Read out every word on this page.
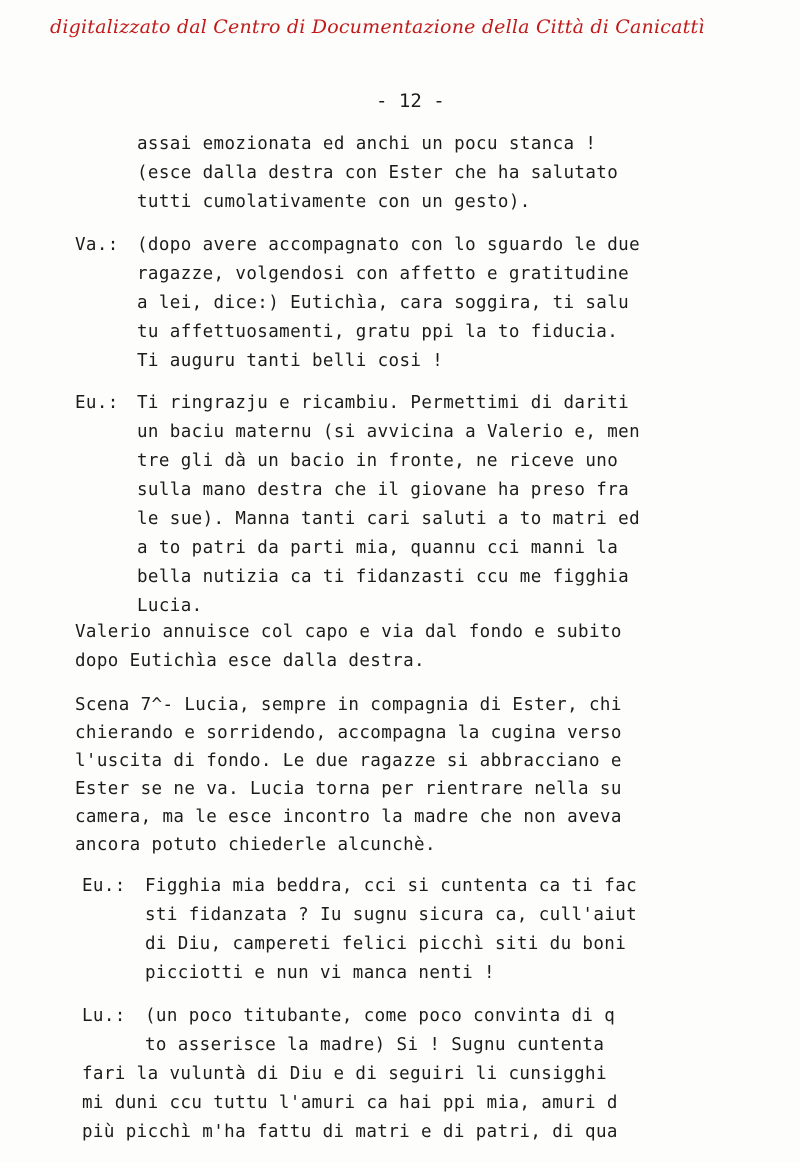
digitalizzato dal Centro di Documentazione della Città di Canicattì
- 12 -
assai emozionata ed anchi un pocu stanca !
(esce dalla destra con Ester che ha salutato
tutti cumolativamente con un gesto).
Va.: (dopo avere accompagnato con lo sguardo le due
ragazze, volgendosi con affetto e gratitudine
a lei, dice:) Eutichìa, cara soggira, ti salu
tu affettuosamenti, gratu ppi la to fiducia.
Ti auguru tanti belli cosi !
Eu.: Ti ringrazju e ricambiu. Permettimi di dariti
un baciu maternu (si avvicina a Valerio e, men
tre gli dà un bacio in fronte, ne riceve uno
sulla mano destra che il giovane ha preso fra
le sue). Manna tanti cari saluti a to matri ed
a to patri da parti mia, quannu cci manni la
bella nutizia ca ti fidanzasti ccu me figghia
Lucia.
Valerio annuisce col capo e via dal fondo e subito
dopo Eutichìa esce dalla destra.
Scena 7^- Lucia, sempre in compagnia di Ester, chi
chierando e sorridendo, accompagna la cugina verso
l'uscita di fondo. Le due ragazze si abbracciano e
Ester se ne va. Lucia torna per rientrare nella su
camera, ma le esce incontro la madre che non aveva
ancora potuto chiederle alcunchè.
Eu.: Figghia mia beddra, cci si cuntenta ca ti fac
sti fidanzata ? Iu sugnu sicura ca, cull'aiut
di Diu, campereti felici picchì siti du boni
picciotti e nun vi manca nenti !
Lu.: (un poco titubante, come poco convinta di q
to asserisce la madre) Si ! Sugnu cuntenta
fari la vuluntà di Diu e di seguiri li cunsigghi
mi duni ccu tuttu l'amuri ca hai ppi mia, amuri d
più picchì m'ha fattu di matri e di patri, di qua
